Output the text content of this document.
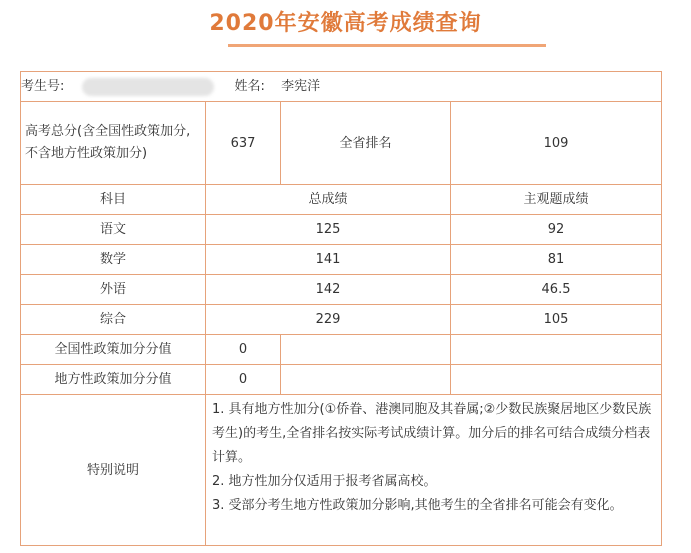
2020年安徽高考成绩查询
考生号: 姓名: 李宪洋			

高考总分(含全国性政策加分,不含地方性政策加分)	637	全省排名	109
科目	总成绩		主观题成绩
语文	125		92
数学	141		81
外语	142		46.5
综合	229		105
全国性政策加分分值	0		
地方性政策加分分值	0		
特别说明	1. 具有地方性加分(①侨眷、港澳同胞及其眷属;②少数民族聚居地区少数民族考生)的考生,全省排名按实际考试成绩计算。加分后的排名可结合成绩分档表计算。
2. 地方性加分仅适用于报考省属高校。
3. 受部分考生地方性政策加分影响,其他考生的全省排名可能会有变化。		
